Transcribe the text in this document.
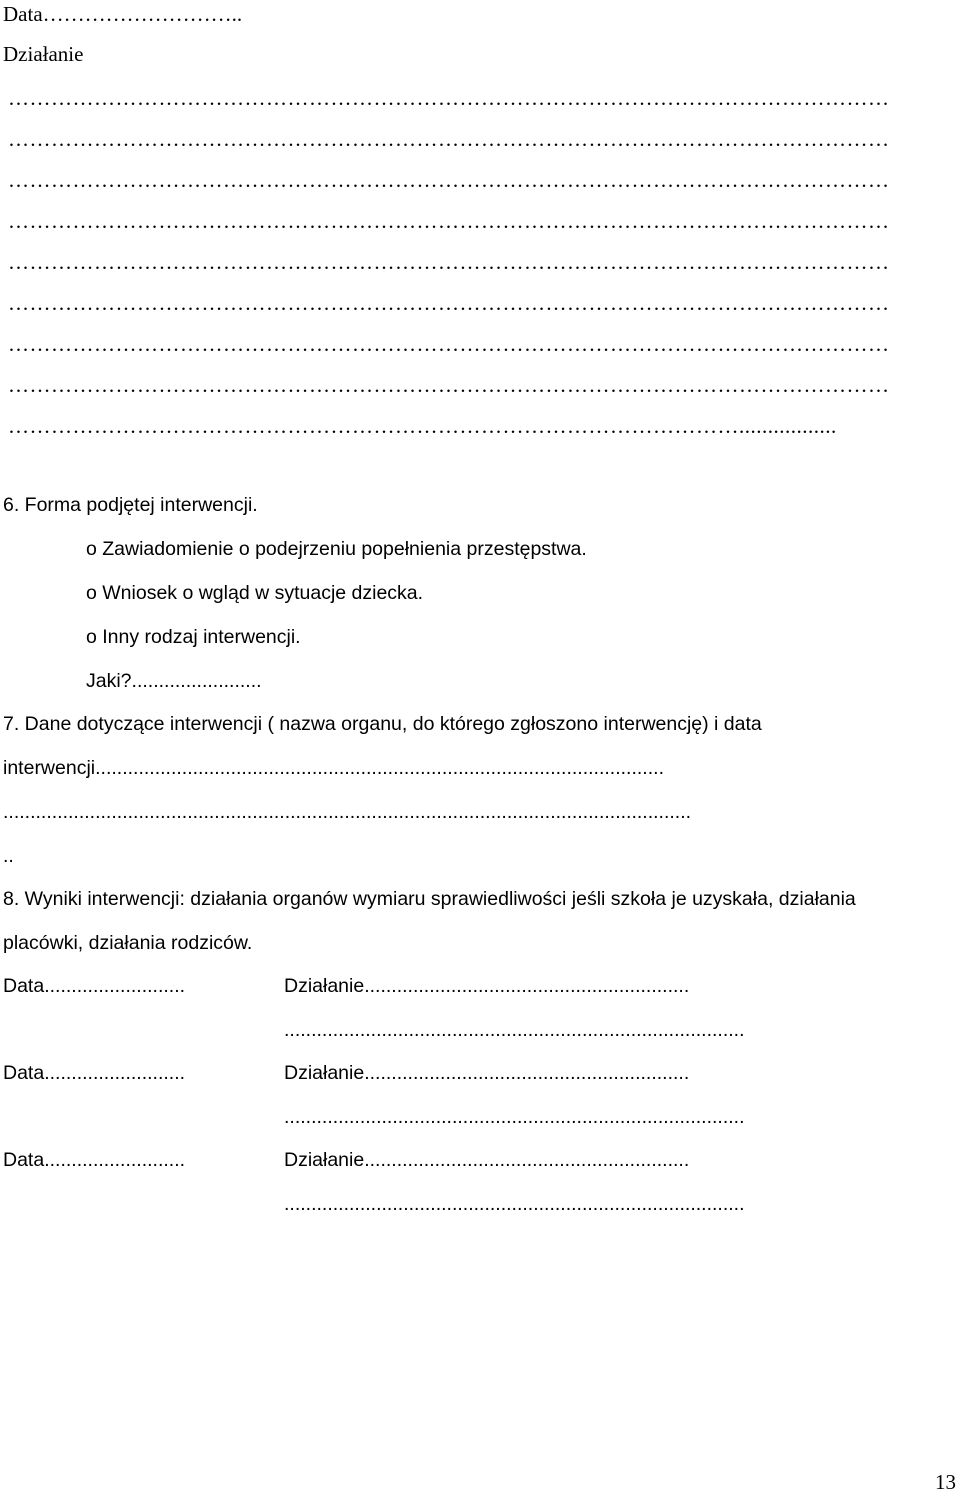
Data………………………..
Działanie
……………………………………………………………………………………………………………
……………………………………………………………………………………………………………
……………………………………………………………………………………………………………
……………………………………………………………………………………………………………
……………………………………………………………………………………………………………
……………………………………………………………………………………………………………
……………………………………………………………………………………………………………
……………………………………………………………………………………………………………
………………………………………………………………………………………….................
6. Forma podjętej interwencji.
o Zawiadomienie o podejrzeniu popełnienia przestępstwa.
o Wniosek o wgląd w sytuacje dziecka.
o Inny rodzaj interwencji.
Jaki?........................
7. Dane dotyczące interwencji ( nazwa organu, do którego zgłoszono interwencję) i data
interwencji.........................................................................................................
...............................................................................................................................
..
8. Wyniki interwencji: działania organów wymiaru sprawiedliwości jeśli szkoła je uzyskała, działania
placówki, działania rodziców.
Data..........................	Działanie............................................................
.....................................................................................
Data..........................	Działanie............................................................
.....................................................................................
Data..........................	Działanie............................................................
.....................................................................................
13
